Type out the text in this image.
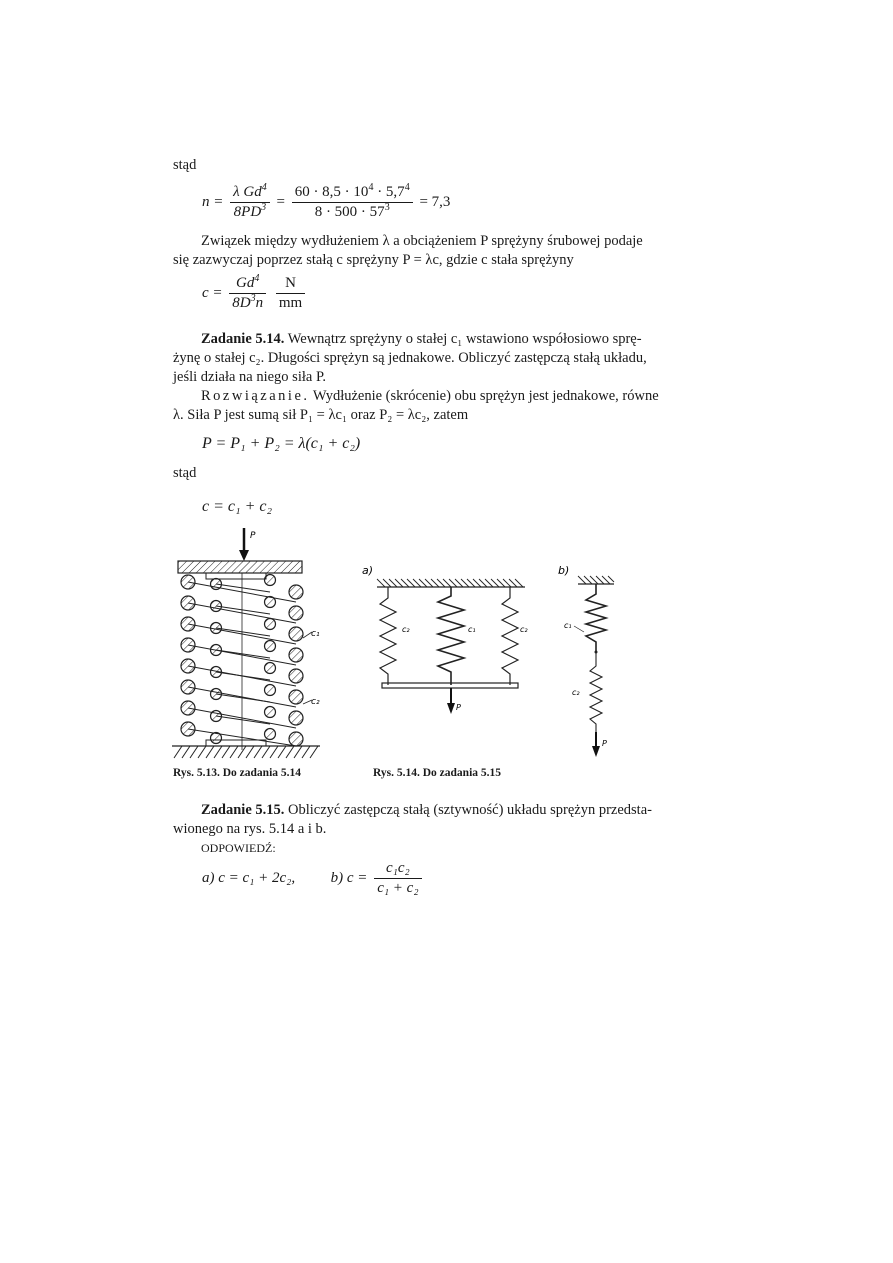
stąd
$n = \frac{\lambda Gd^4}{8PD^3} = \frac{60 \cdot 8,5 \cdot 10^4 \cdot 5,7^4}{8 \cdot 500 \cdot 57^3} = 7,3$
Związek między wydłużeniem λ a obciążeniem P sprężyny śrubowej podaje
się zazwyczaj poprzez stałą c sprężyny P = λc, gdzie c stała sprężyny
$c = \frac{Gd^4}{8D^3n}$
$\frac{N}{mm}$
Zadanie 5.14. Wewnątrz sprężyny o stałej c₁ wstawiono współosiowo sprę-
żynę o stałej c₂. Długości sprężyn są jednakowe. Obliczyć zastępczą stałą układu,
jeśli działa na niego siła P.
Rozwiązanie. Wydłużenie (skrócenie) obu sprężyn jest jednakowe, równe
λ. Siła P jest sumą sił P₁ = λc₁ oraz P₂ = λc₂, zatem
P = P₁ + P₂ = λ(c₁ + c₂)
stąd
c = c₁ + c₂
P
c₁
c₂
Rys. 5.13. Do zadania 5.14
a)
c₂	c₁	c₂
P
b)
c₁
c₂
P
Rys. 5.14. Do zadania 5.15
Zadanie 5.15. Obliczyć zastępczą stałą (sztywność) układu sprężyn przedsta-
wionego na rys. 5.14 a i b.
ODPOWIEDŹ:
a) c = c₁ + 2c₂, b) $c = \frac{\text{c₁c₂}}{\text{c₁ + c₂}}$
